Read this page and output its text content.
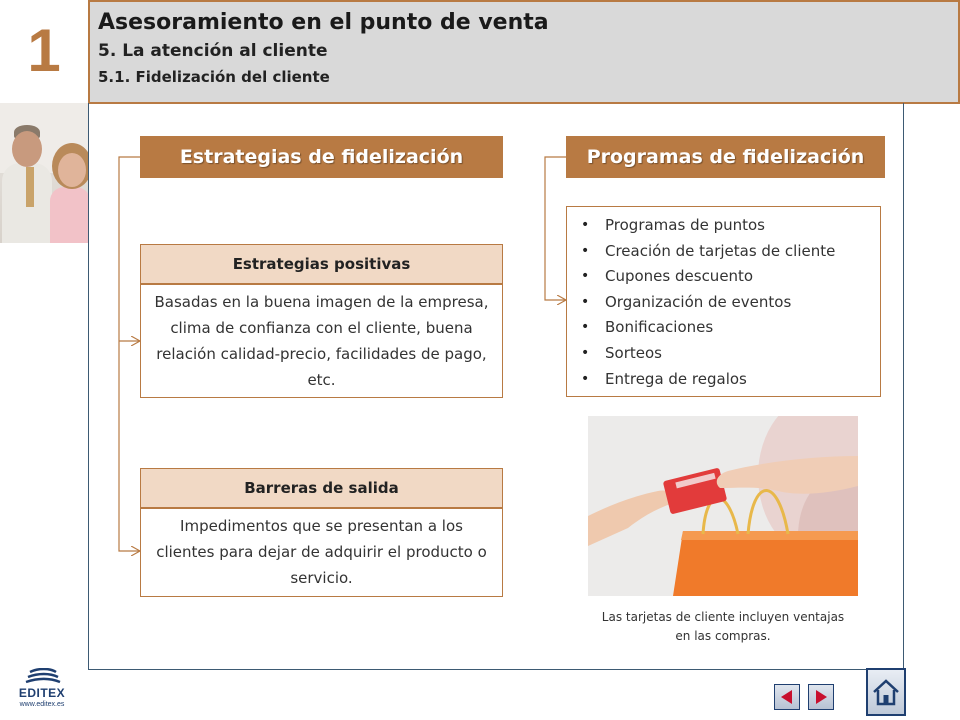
1	Asesoramiento en el punto de venta
5. La atención al cliente
5.1. Fidelización del cliente
Estrategias de fidelización
Estrategias positivas
Basadas en la buena imagen de la empresa, clima de confianza con el cliente, buena relación calidad-precio, facilidades de pago, etc.
Barreras de salida
Impedimentos que se presentan a los clientes para dejar de adquirir el producto o servicio.
Programas de fidelización
• Programas de puntos
• Creación de tarjetas de cliente
• Cupones descuento
• Organización de eventos
• Bonificaciones
• Sorteos
• Entrega de regalos
Las tarjetas de cliente incluyen ventajas en las compras.
EDITEX
www.editex.es
